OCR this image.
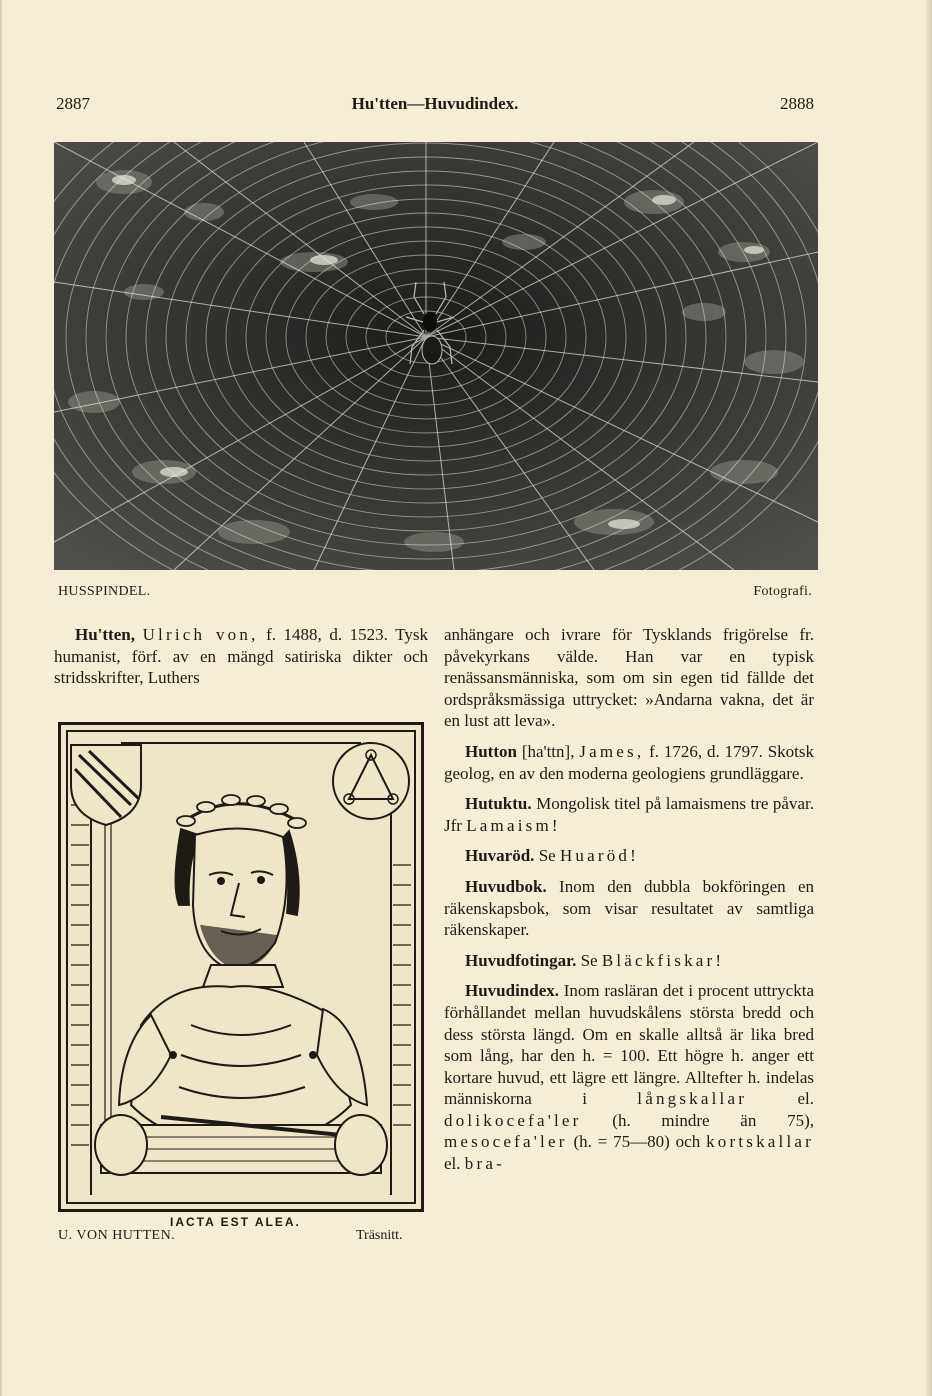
2887	Hu'tten—Huvudindex.	2888
HUSSPINDEL.	Fotografi.

Hu'tten, Ulrich von, f. 1488, d. 1523. Tysk humanist, förf. av en mängd satiriska dikter och stridsskrifter, Luthers

IACTA EST ALEA.
U. VON HUTTEN.	Träsnitt.

anhängare och ivrare för Tysklands frigörelse fr. påvekyrkans välde. Han var en typisk renässansmänniska, som om sin egen tid fällde det ordspråksmässiga uttrycket: »Andarna vakna, det är en lust att leva».

Hutton [ha'ttn], James, f. 1726, d. 1797. Skotsk geolog, en av den moderna geologiens grundläggare.

Hutuktu. Mongolisk titel på lamaismens tre påvar. Jfr Lamaism!

Huvaröd. Se Huaröd!

Huvudbok. Inom den dubbla bokföringen en räkenskapsbok, som visar resultatet av samtliga räkenskaper.

Huvudfotingar. Se Bläckfiskar!

Huvudindex. Inom rasläran det i procent uttryckta förhållandet mellan huvudskålens största bredd och dess största längd. Om en skalle alltså är lika bred som lång, har den h. = 100. Ett högre h. anger ett kortare huvud, ett lägre ett längre. Alltefter h. indelas människorna i långskallar el. dolikocefa'ler (h. mindre än 75), mesocefa'ler (h. = 75—80) och kortskallar el. bra-
